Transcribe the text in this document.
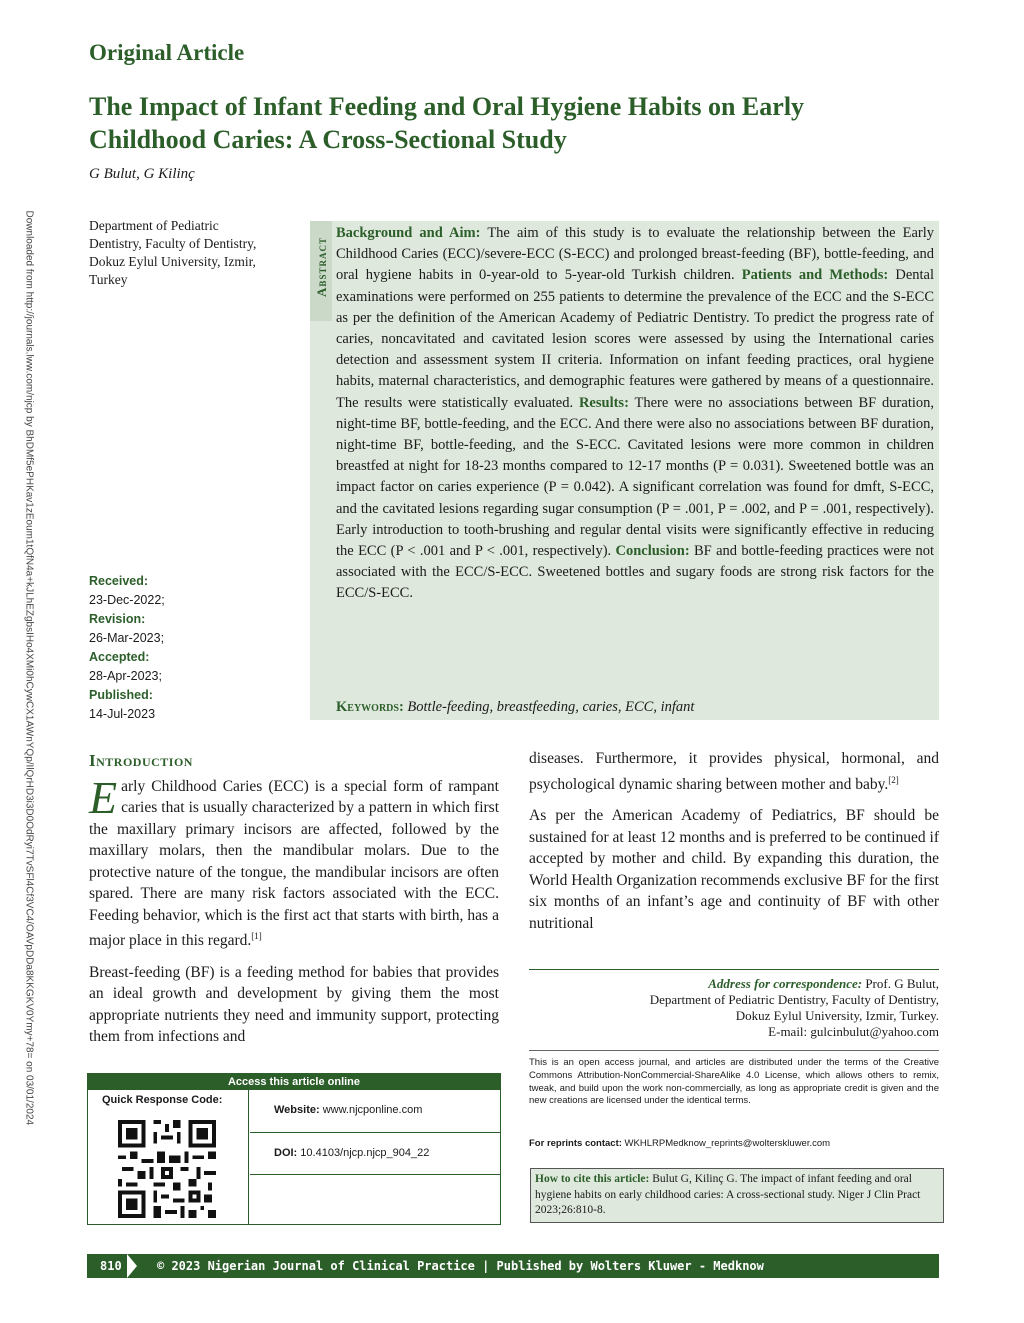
Original Article
The Impact of Infant Feeding and Oral Hygiene Habits on Early Childhood Caries: A Cross-Sectional Study
G Bulut, G Kilinç
Downloaded from http://journals.lww.com/njcp by BhDMf5ePHKav1zEoum1tQfN4a+kJLhEZgbsIHo4XMi0hCywCX1AWnYQp/IlQrHD3i3D0OdRyi7TvSFl4Cf3VC4/OAVpDDa8KKGKV0Ymy+78= on 03/01/2024	Department of Pediatric Dentistry, Faculty of Dentistry, Dokuz Eylul University, Izmir, Turkey
Received:
23-Dec-2022;
Revision:
26-Mar-2023;
Accepted:
28-Apr-2023;
Published:
14-Jul-2023
Abstract

Background and Aim: The aim of this study is to evaluate the relationship between the Early Childhood Caries (ECC)/severe-ECC (S-ECC) and prolonged breast-feeding (BF), bottle-feeding, and oral hygiene habits in 0-year-old to 5-year-old Turkish children. Patients and Methods: Dental examinations were performed on 255 patients to determine the prevalence of the ECC and the S-ECC as per the definition of the American Academy of Pediatric Dentistry. To predict the progress rate of caries, noncavitated and cavitated lesion scores were assessed by using the International caries detection and assessment system II criteria. Information on infant feeding practices, oral hygiene habits, maternal characteristics, and demographic features were gathered by means of a questionnaire. The results were statistically evaluated. Results: There were no associations between BF duration, night-time BF, bottle-feeding, and the ECC. And there were also no associations between BF duration, night-time BF, bottle-feeding, and the S-ECC. Cavitated lesions were more common in children breastfed at night for 18-23 months compared to 12-17 months (P = 0.031). Sweetened bottle was an impact factor on caries experience (P = 0.042). A significant correlation was found for dmft, S-ECC, and the cavitated lesions regarding sugar consumption (P = .001, P = .002, and P = .001, respectively). Early introduction to tooth-brushing and regular dental visits were significantly effective in reducing the ECC (P < .001 and P < .001, respectively). Conclusion: BF and bottle-feeding practices were not associated with the ECC/S-ECC. Sweetened bottles and sugary foods are strong risk factors for the ECC/S-ECC.

Keywords: Bottle-feeding, breastfeeding, caries, ECC, infant
Introduction

Early Childhood Caries (ECC) is a special form of rampant caries that is usually characterized by a pattern in which first the maxillary primary incisors are affected, followed by the maxillary molars, then the mandibular molars. Due to the protective nature of the tongue, the mandibular incisors are often spared. There are many risk factors associated with the ECC. Feeding behavior, which is the first act that starts with birth, has a major place in this regard.[1]

Breast-feeding (BF) is a feeding method for babies that provides an ideal growth and development by giving them the most appropriate nutrients they need and immunity support, protecting them from infections and

diseases. Furthermore, it provides physical, hormonal, and psychological dynamic sharing between mother and baby.[2]

As per the American Academy of Pediatrics, BF should be sustained for at least 12 months and is preferred to be continued if accepted by mother and child. By expanding this duration, the World Health Organization recommends exclusive BF for the first six months of an infant’s age and continuity of BF with other nutritional

Address for correspondence: Prof. G Bulut,
Department of Pediatric Dentistry, Faculty of Dentistry,
Dokuz Eylul University, Izmir, Turkey.
E-mail: gulcinbulut@yahoo.com
This is an open access journal, and articles are distributed under the terms of the Creative Commons Attribution-NonCommercial-ShareAlike 4.0 License, which allows others to remix, tweak, and build upon the work non-commercially, as long as appropriate credit is given and the new creations are licensed under the identical terms.
For reprints contact: WKHLRPMedknow_reprints@wolterskluwer.com
How to cite this article: Bulut G, Kilinç G. The impact of infant feeding and oral hygiene habits on early childhood caries: A cross-sectional study. Niger J Clin Pract 2023;26:810-8.
Access this article online
Quick Response Code:
Website: www.njcponline.com
DOI: 10.4103/njcp.njcp_904_22
810	© 2023 Nigerian Journal of Clinical Practice | Published by Wolters Kluwer - Medknow
